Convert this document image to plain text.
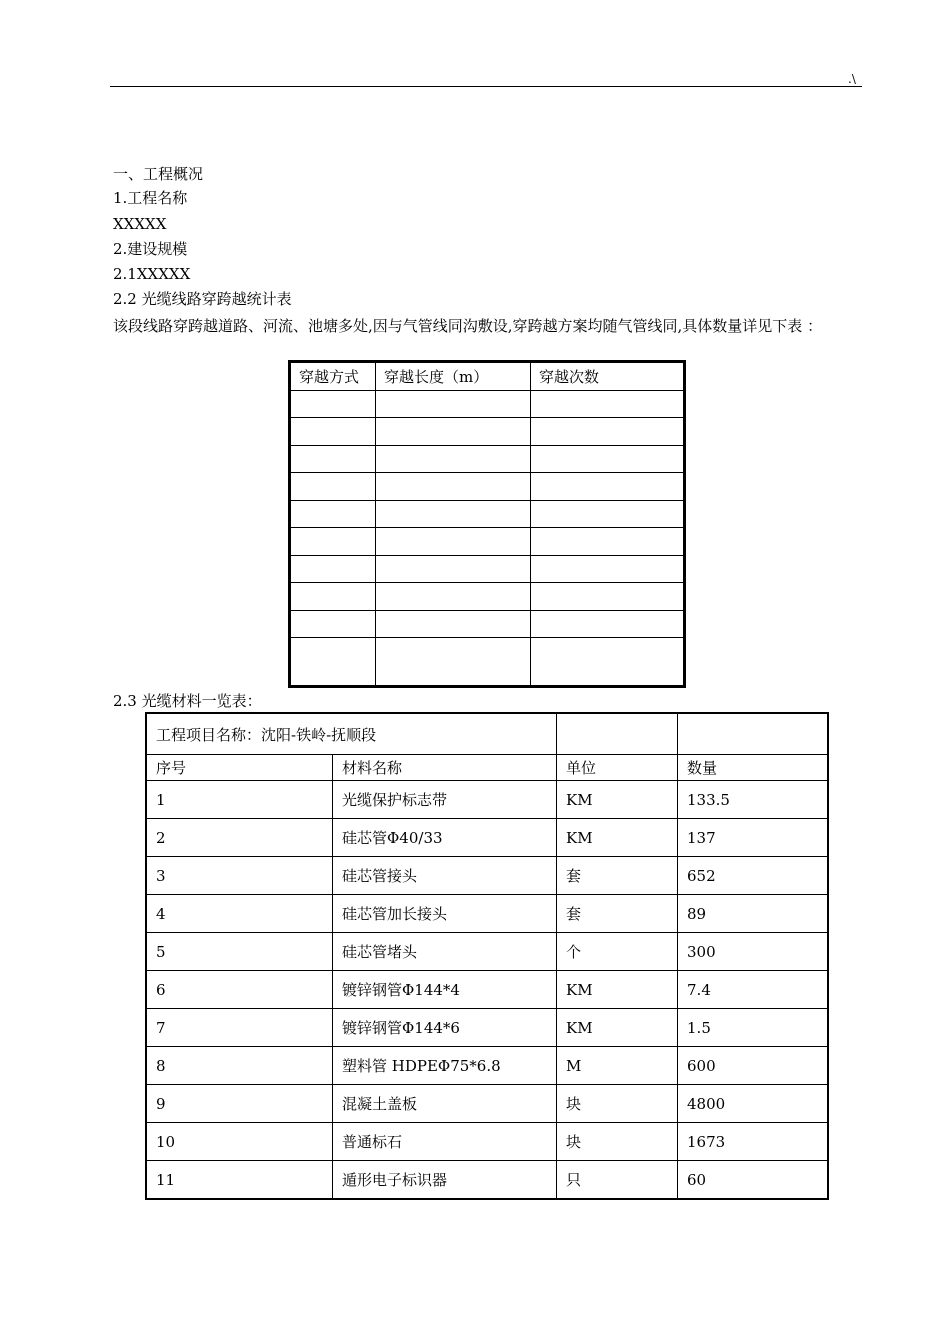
.\
一、工程概况
1.工程名称
XXXXX
2.建设规模
2.1XXXXX
2.2 光缆线路穿跨越统计表
该段线路穿跨越道路、河流、池塘多处,因与气管线同沟敷设,穿跨越方案均随气管线同,具体数量详见下表 ：
穿越方式	穿越长度（m）	穿越次数

2.3 光缆材料一览表：
工程项目名称：沈阳-铁岭-抚顺段			
序号	材料名称	单位	数量
1	光缆保护标志带	KM	133.5
2	硅芯管Φ40/33	KM	137
3	硅芯管接头	套	652
4	硅芯管加长接头	套	89
5	硅芯管堵头	个	300
6	镀锌钢管Φ144*4	KM	7.4
7	镀锌钢管Φ144*6	KM	1.5
8	塑料管 HDPEΦ75*6.8	M	600
9	混凝土盖板	块	4800
10	普通标石	块	1673
11	遁形电子标识器	只	60
